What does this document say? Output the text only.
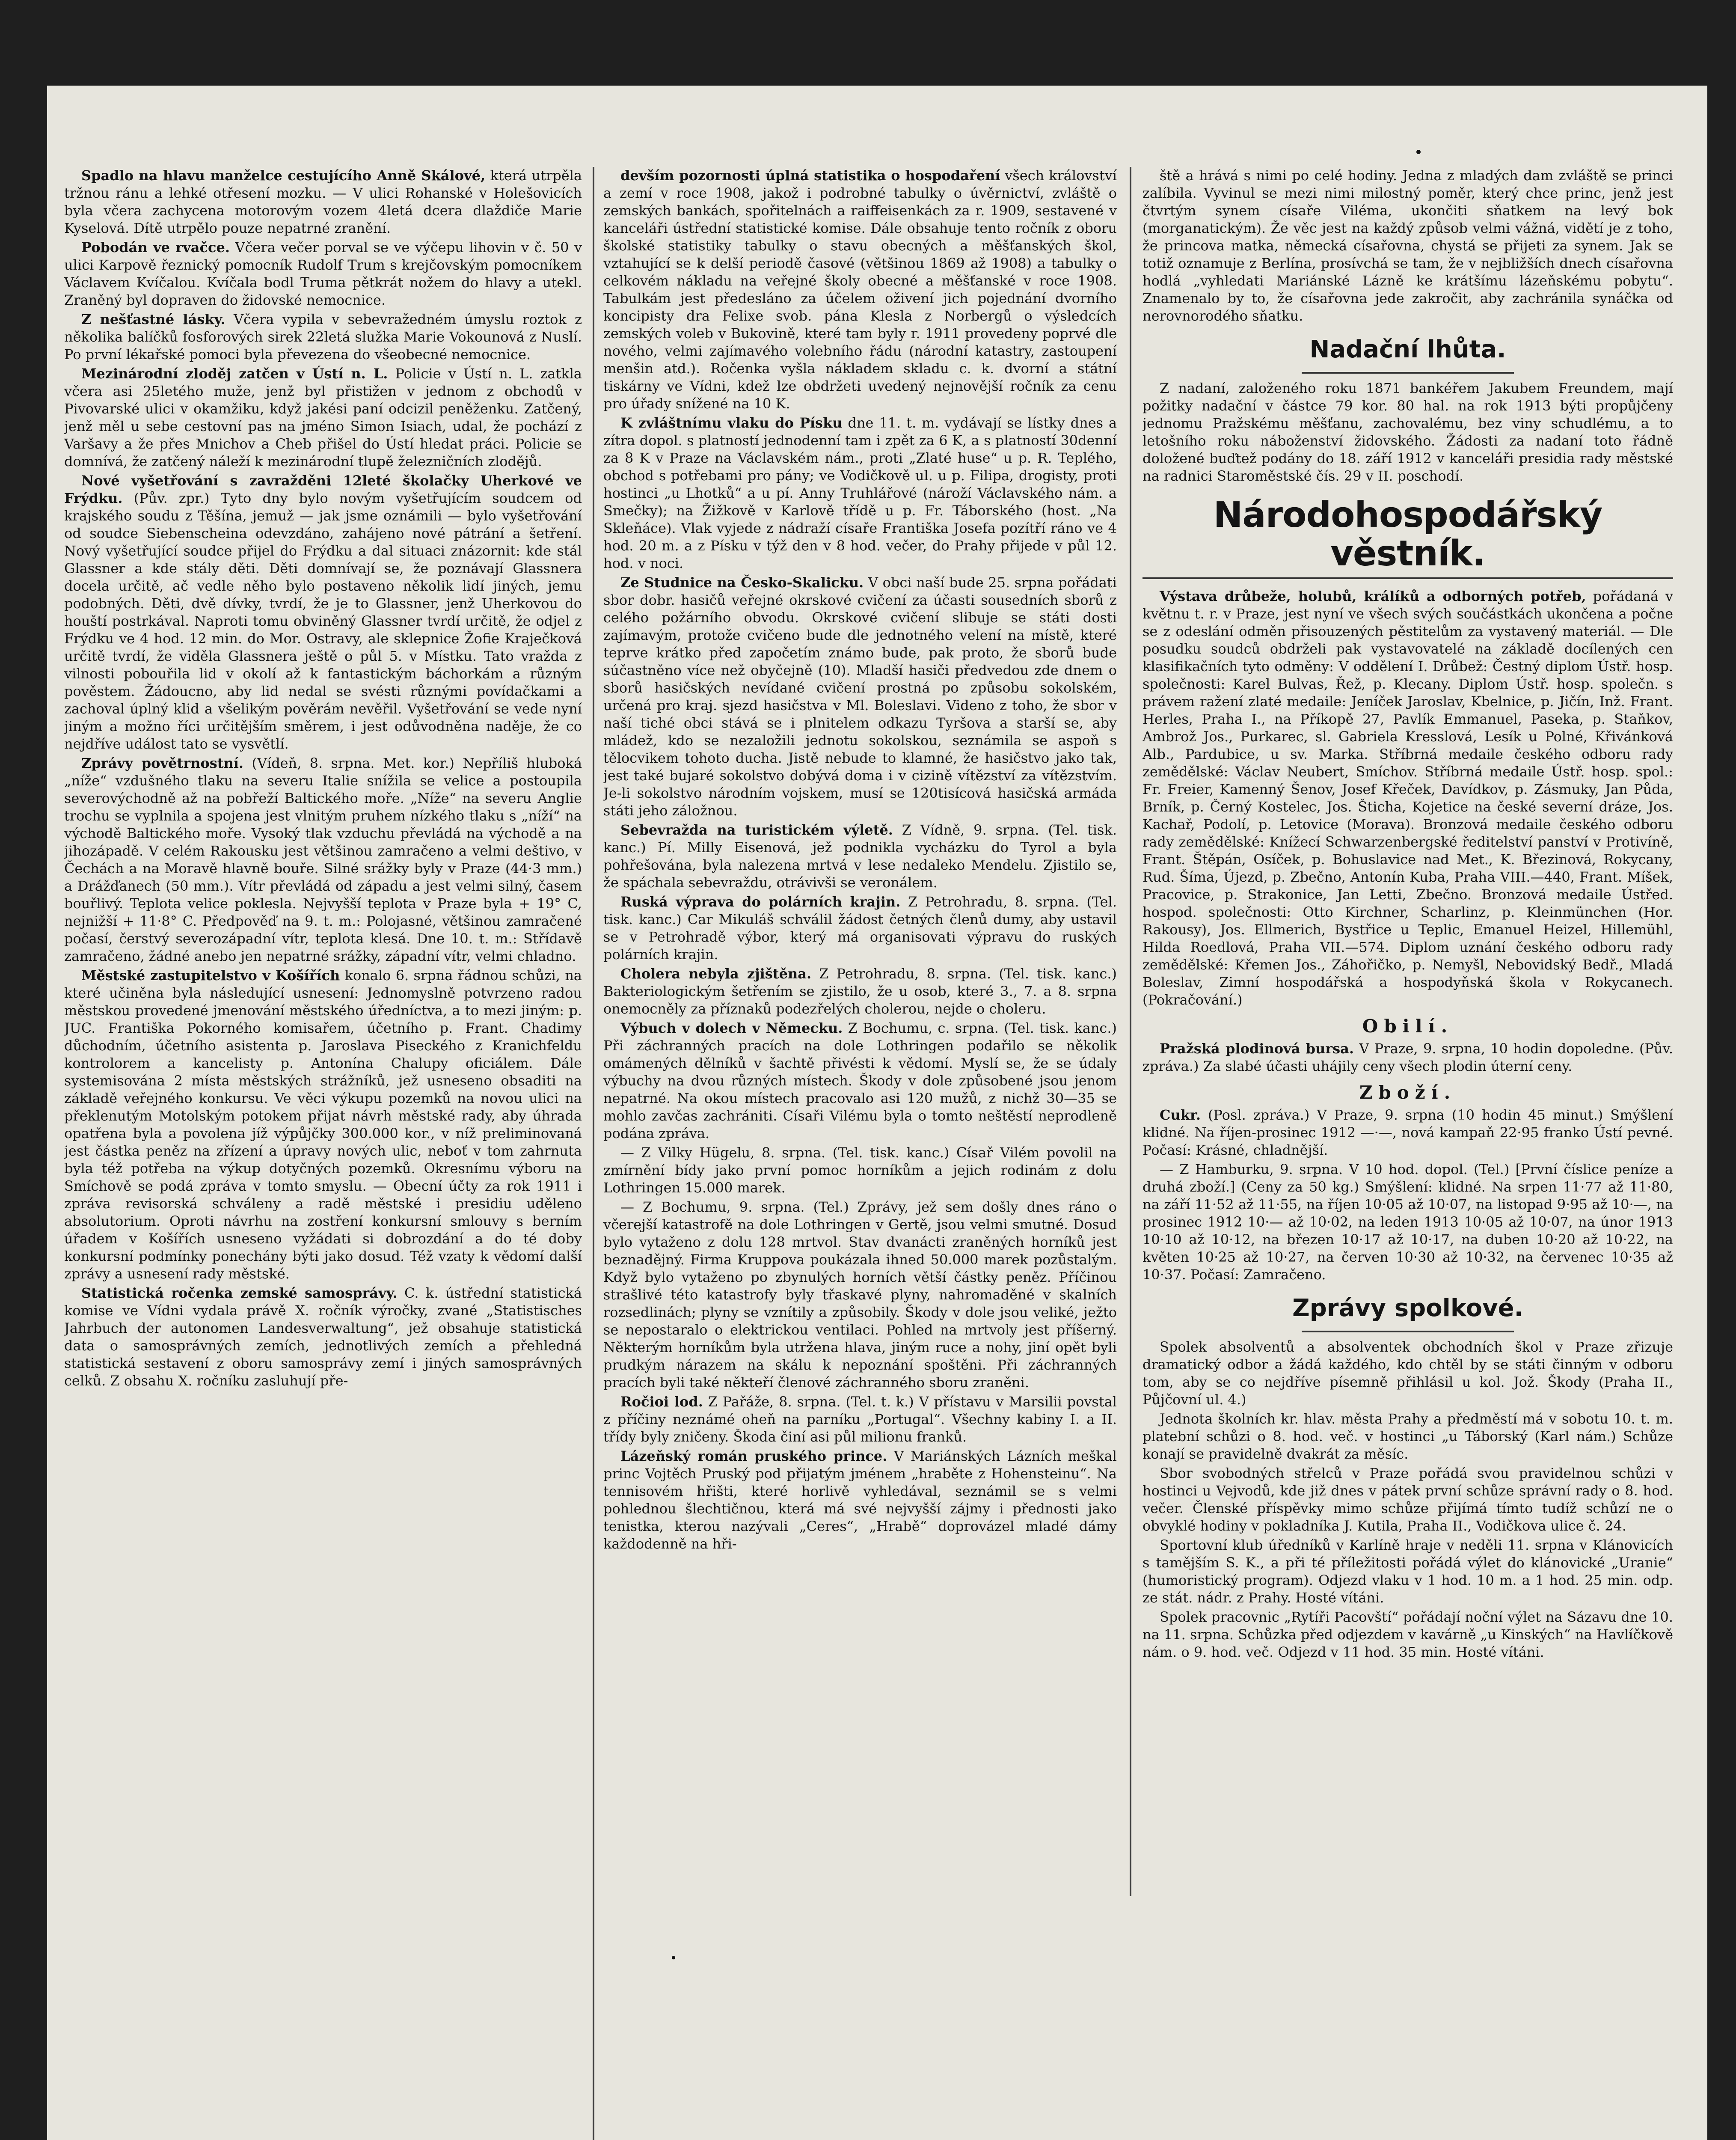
Spadlo na hlavu manželce cestujícího Anně Skálové, která utrpěla tržnou ránu a lehké otřesení mozku. — V ulici Rohanské v Holešovicích byla včera zachycena motorovým vozem 4letá dcera dlaždiče Marie Kyselová. Dítě utrpělo pouze nepatrné zranění.

Pobodán ve rvačce. Včera večer porval se ve výčepu lihovin v č. 50 v ulici Karpově řeznický pomocník Rudolf Trum s krejčovským pomocníkem Václavem Kvíčalou. Kvíčala bodl Truma pětkrát nožem do hlavy a utekl. Zraněný byl dopraven do židovské nemocnice.

Z nešťastné lásky. Včera vypila v sebevražedném úmyslu roztok z několika balíčků fosforových sirek 22letá služka Marie Vokounová z Nuslí. Po první lékařské pomoci byla převezena do všeobecné nemocnice.

Mezinárodní zloděj zatčen v Ústí n. L. Policie v Ústí n. L. zatkla včera asi 25letého muže, jenž byl přistižen v jednom z obchodů v Pivovarské ulici v okamžiku, když jakési paní odcizil peněženku. Zatčený, jenž měl u sebe cestovní pas na jméno Simon Isiach, udal, že pochází z Varšavy a že přes Mnichov a Cheb přišel do Ústí hledat práci. Policie se domnívá, že zatčený náleží k mezinárodní tlupě železničních zlodějů.

Nové vyšetřování s zavražděni 12leté školačky Uherkové ve Frýdku. (Pův. zpr.) Tyto dny bylo novým vyšetřujícím soudcem od krajského soudu z Těšína, jemuž — jak jsme oznámili — bylo vyšetřování od soudce Siebenscheina odevzdáno, zahájeno nové pátrání a šetření. Nový vyšetřující soudce přijel do Frýdku a dal situaci znázornit: kde stál Glassner a kde stály děti. Děti domnívají se, že poznávají Glassnera docela určitě, ač vedle něho bylo postaveno několik lidí jiných, jemu podobných. Děti, dvě dívky, tvrdí, že je to Glassner, jenž Uherkovou do houští postrkával. Naproti tomu obviněný Glassner tvrdí určitě, že odjel z Frýdku ve 4 hod. 12 min. do Mor. Ostravy, ale sklepnice Žofie Kraječková určitě tvrdí, že viděla Glassnera ještě o půl 5. v Místku. Tato vražda z vilnosti pobouřila lid v okolí až k fantastickým báchorkám a různým pověstem. Žádoucno, aby lid nedal se svésti různými povídačkami a zachoval úplný klid a všelikým pověrám nevěřil. Vyšetřování se vede nyní jiným a možno říci určitějším směrem, i jest odůvodněna naděje, že co nejdříve událost tato se vysvětlí.

Zprávy povětrnostní. (Vídeň, 8. srpna. Met. kor.) Nepříliš hluboká „níže“ vzdušného tlaku na severu Italie snížila se velice a postoupila severovýchodně až na pobřeží Baltického moře. „Níže“ na severu Anglie trochu se vyplnila a spojena jest vlnitým pruhem nízkého tlaku s „níží“ na východě Baltického moře. Vysoký tlak vzduchu převládá na východě a na jihozápadě. V celém Rakousku jest většinou zamračeno a velmi deštivo, v Čechách a na Moravě hlavně bouře. Silné srážky byly v Praze (44·3 mm.) a Drážďanech (50 mm.). Vítr převládá od západu a jest velmi silný, časem bouřlivý. Teplota velice poklesla. Nejvyšší teplota v Praze byla + 19° C, nejnižší + 11·8° C. Předpověď na 9. t. m.: Polojasné, většinou zamračené počasí, čerstvý severozápadní vítr, teplota klesá. Dne 10. t. m.: Střídavě zamračeno, žádné anebo jen nepatrné srážky, západní vítr, velmi chladno.

Městské zastupitelstvo v Košířích konalo 6. srpna řádnou schůzi, na které učiněna byla následující usnesení: Jednomyslně potvrzeno radou městskou provedené jmenování městského úředníctva, a to mezi jiným: p. JUC. Františka Pokorného komisařem, účetního p. Frant. Chadimy důchodním, účetního asistenta p. Jaroslava Piseckého z Kranichfeldu kontrolorem a kancelisty p. Antonína Chalupy oficiálem. Dále systemisována 2 místa městských strážníků, jež usneseno obsaditi na základě veřejného konkursu. Ve věci výkupu pozemků na novou ulici na překlenutým Motolským potokem přijat návrh městské rady, aby úhrada opatřena byla a povolena jíž výpůjčky 300.000 kor., v níž preliminovaná jest částka peněz na zřízení a úpravy nových ulic, neboť v tom zahrnuta byla též potřeba na výkup dotyčných pozemků. Okresnímu výboru na Smíchově se podá zpráva v tomto smyslu. — Obecní účty za rok 1911 i zpráva revisorská schváleny a radě městské i presidiu uděleno absolutorium. Oproti návrhu na zostření konkursní smlouvy s berním úřadem v Košířích usneseno vyžádati si dobrozdání a do té doby konkursní podmínky ponechány býti jako dosud. Též vzaty k vědomí další zprávy a usnesení rady městské.

Statistická ročenka zemské samosprávy. C. k. ústřední statistická komise ve Vídni vydala právě X. ročník výročky, zvané „Statistisches Jahrbuch der autonomen Landesverwaltung“, jež obsahuje statistická data o samosprávných zemích, jednotlivých zemích a přehledná statistická sestavení z oboru samosprávy zemí i jiných samosprávných celků. Z obsahu X. ročníku zasluhují pře-

devším pozornosti úplná statistika o hospodaření všech království a zemí v roce 1908, jakož i podrobné tabulky o úvěrnictví, zvláště o zemských bankách, spořitelnách a raiffeisenkách za r. 1909, sestavené v kanceláři ústřední statistické komise. Dále obsahuje tento ročník z oboru školské statistiky tabulky o stavu obecných a měšťanských škol, vztahující se k delší periodě časové (většinou 1869 až 1908) a tabulky o celkovém nákladu na veřejné školy obecné a měšťanské v roce 1908. Tabulkám jest předesláno za účelem oživení jich pojednání dvorního koncipisty dra Felixe svob. pána Klesla z Norbergů o výsledcích zemských voleb v Bukovině, které tam byly r. 1911 provedeny poprvé dle nového, velmi zajímavého volebního řádu (národní katastry, zastoupení menšin atd.). Ročenka vyšla nákladem skladu c. k. dvorní a státní tiskárny ve Vídni, kdež lze obdržeti uvedený nejnovější ročník za cenu pro úřady snížené na 10 K.

K zvláštnímu vlaku do Písku dne 11. t. m. vydávají se lístky dnes a zítra dopol. s platností jednodenní tam i zpět za 6 K, a s platností 30denní za 8 K v Praze na Václavském nám., proti „Zlaté huse“ u p. R. Teplého, obchod s potřebami pro pány; ve Vodičkově ul. u p. Filipa, drogisty, proti hostinci „u Lhotků“ a u pí. Anny Truhlářové (nároží Václavského nám. a Smečky); na Žižkově v Karlově třídě u p. Fr. Táborského (host. „Na Skleňáce). Vlak vyjede z nádraží císaře Františka Josefa pozítří ráno ve 4 hod. 20 m. a z Písku v týž den v 8 hod. večer, do Prahy přijede v půl 12. hod. v noci.

Ze Studnice na Česko-Skalicku. V obci naší bude 25. srpna pořádati sbor dobr. hasičů veřejné okrskové cvičení za účasti sousedních sborů z celého požárního obvodu. Okrskové cvičení slibuje se státi dosti zajímavým, protože cvičeno bude dle jednotného velení na místě, které teprve krátko před započetím známo bude, pak proto, že sborů bude súčastněno více než obyčejně (10). Mladší hasiči předvedou zde dnem o sborů hasičských nevídané cvičení prostná po způsobu sokolském, určená pro kraj. sjezd hasičstva v Ml. Boleslavi. Videno z toho, že sbor v naší tiché obci stává se i plnitelem odkazu Tyršova a starší se, aby mládež, kdo se nezaložili jednotu sokolskou, seznámila se aspoň s tělocvikem tohoto ducha. Jistě nebude to klamné, že hasičstvo jako tak, jest také bujaré sokolstvo dobývá doma i v cizině vítězství za vítězstvím. Je-li sokolstvo národním vojskem, musí se 120tisícová hasičská armáda státi jeho záložnou.

Sebevražda na turistickém výletě. Z Vídně, 9. srpna. (Tel. tisk. kanc.) Pí. Milly Eisenová, jež podnikla vycházku do Tyrol a byla pohřešována, byla nalezena mrtvá v lese nedaleko Mendelu. Zjistilo se, že spáchala sebevraždu, otrávivši se veronálem.

Ruská výprava do polárních krajin. Z Petrohradu, 8. srpna. (Tel. tisk. kanc.) Car Mikuláš schválil žádost četných členů dumy, aby ustavil se v Petrohradě výbor, který má organisovati výpravu do ruských polárních krajin.

Cholera nebyla zjištěna. Z Petrohradu, 8. srpna. (Tel. tisk. kanc.) Bakteriologickým šetřením se zjistilo, že u osob, které 3., 7. a 8. srpna onemocněly za příznaků podezřelých cholerou, nejde o choleru.

Výbuch v dolech v Německu. Z Bochumu, c. srpna. (Tel. tisk. kanc.) Při záchranných pracích na dole Lothringen podařilo se několik omámených dělníků v šachtě přivésti k vědomí. Myslí se, že se údaly výbuchy na dvou různých místech. Škody v dole způsobené jsou jenom nepatrné. Na okou místech pracovalo asi 120 mužů, z nichž 30—35 se mohlo zavčas zachrániti. Císaři Vilému byla o tomto neštěstí neprodleně podána zpráva.

— Z Vilky Hügelu, 8. srpna. (Tel. tisk. kanc.) Císař Vilém povolil na zmírnění bídy jako první pomoc horníkům a jejich rodinám z dolu Lothringen 15.000 marek.

— Z Bochumu, 9. srpna. (Tel.) Zprávy, jež sem došly dnes ráno o včerejší katastrofě na dole Lothringen v Gertě, jsou velmi smutné. Dosud bylo vytaženo z dolu 128 mrtvol. Stav dvanácti zraněných horníků jest beznadějný. Firma Kruppova poukázala ihned 50.000 marek pozůstalým. Když bylo vytaženo po zbynulých horních větší částky peněz. Příčinou strašlivé této katastrofy byly třaskavé plyny, nahromaděné v skalních rozsedlinách; plyny se vznítily a způsobily. Škody v dole jsou veliké, ježto se nepostaralo o elektrickou ventilaci. Pohled na mrtvoly jest příšerný. Některým horníkům byla utržena hlava, jiným ruce a nohy, jiní opět byli prudkým nárazem na skálu k nepoznání spoštěni. Při záchranných pracích byli také někteří členové záchranného sboru zraněni.

Ročioi lod. Z Pařáže, 8. srpna. (Tel. t. k.) V přístavu v Marsilii povstal z příčiny neznámé oheň na parníku „Portugal“. Všechny kabiny I. a II. třídy byly zničeny. Škoda činí asi půl milionu franků.

Lázeňský román pruského prince. V Mariánských Lázních meškal princ Vojtěch Pruský pod přijatým jménem „hraběte z Hohensteinu“. Na tennisovém hřišti, které horlivě vyhledával, seznámil se s velmi pohlednou šlechtičnou, která má své nejvyšší zájmy i přednosti jako tenistka, kterou nazývali „Ceres“, „Hrabě“ doprovázel mladé dámy každodenně na hři-

ště a hrává s nimi po celé hodiny. Jedna z mladých dam zvláště se princi zalíbila. Vyvinul se mezi nimi milostný poměr, který chce princ, jenž jest čtvrtým synem císaře Viléma, ukončiti sňatkem na levý bok (morganatickým). Že věc jest na každý způsob velmi vážná, vidětí je z toho, že princova matka, německá císařovna, chystá se přijeti za synem. Jak se totiž oznamuje z Berlína, prosívchá se tam, že v nejbližších dnech císařovna hodlá „vyhledati Mariánské Lázně ke krátšímu lázeňskému pobytu“. Znamenalo by to, že císařovna jede zakročit, aby zachránila synáčka od nerovnorodého sňatku.

Nadační lhůta.

Z nadaní, založeného roku 1871 bankéřem Jakubem Freundem, mají požitky nadační v částce 79 kor. 80 hal. na rok 1913 býti propůjčeny jednomu Pražskému měšťanu, zachovalému, bez viny schudlému, a to letošního roku náboženství židovského. Žádosti za nadaní toto řádně doložené buďtež podány do 18. září 1912 v kanceláři presidia rady městské na radnici Staroměstské čís. 29 v II. poschodí.

Národohospodářský věstník.

Výstava drůbeže, holubů, králíků a odborných potřeb, pořádaná v květnu t. r. v Praze, jest nyní ve všech svých součástkách ukončena a počne se z odeslání odměn přisouzených pěstitelům za vystavený materiál. — Dle posudku soudců obdrželi pak vystavovatelé na základě docílených cen klasifikačních tyto odměny: V oddělení I. Drůbež: Čestný diplom Ústř. hosp. společnosti: Karel Bulvas, Řež, p. Klecany. Diplom Ústř. hosp. společn. s právem ražení zlaté medaile: Jeníček Jaroslav, Kbelnice, p. Jičín, Inž. Frant. Herles, Praha I., na Příkopě 27, Pavlík Emmanuel, Paseka, p. Staňkov, Ambrož Jos., Purkarec, sl. Gabriela Kresslová, Lesík u Polné, Křivánková Alb., Pardubice, u sv. Marka. Stříbrná medaile českého odboru rady zemědělské: Václav Neubert, Smíchov. Stříbrná medaile Ústř. hosp. spol.: Fr. Freier, Kamenný Šenov, Josef Křeček, Davídkov, p. Zásmuky, Jan Půda, Brník, p. Černý Kostelec, Jos. Šticha, Kojetice na české severní dráze, Jos. Kachař, Podolí, p. Letovice (Morava). Bronzová medaile českého odboru rady zemědělské: Knížecí Schwarzenbergské ředitelství panství v Protivíně, Frant. Štěpán, Osíček, p. Bohuslavice nad Met., K. Březinová, Rokycany, Rud. Šíma, Újezd, p. Zbečno, Antonín Kuba, Praha VIII.—440, Frant. Míšek, Pracovice, p. Strakonice, Jan Letti, Zbečno. Bronzová medaile Ústřed. hospod. společnosti: Otto Kirchner, Scharlinz, p. Kleinmünchen (Hor. Rakousy), Jos. Ellmerich, Bystřice u Teplic, Emanuel Heizel, Hillemühl, Hilda Roedlová, Praha VII.—574. Diplom uznání českého odboru rady zemědělské: Křemen Jos., Záhořičko, p. Nemyšl, Nebovidský Bedř., Mladá Boleslav, Zimní hospodářská a hospodyňská škola v Rokycanech. (Pokračování.)

Obilí.

Pražská plodinová bursa. V Praze, 9. srpna, 10 hodin dopoledne. (Pův. zpráva.) Za slabé účasti uhájily ceny všech plodin úterní ceny.

Zboží.

Cukr. (Posl. zpráva.) V Praze, 9. srpna (10 hodin 45 minut.) Smýšlení klidné. Na říjen-prosinec 1912 —·—, nová kampaň 22·95 franko Ústí pevné. Počasí: Krásné, chladnější.

— Z Hamburku, 9. srpna. V 10 hod. dopol. (Tel.) [První číslice peníze a druhá zboží.] (Ceny za 50 kg.) Smýšlení: klidné. Na srpen 11·77 až 11·80, na září 11·52 až 11·55, na říjen 10·05 až 10·07, na listopad 9·95 až 10·—, na prosinec 1912 10·— až 10·02, na leden 1913 10·05 až 10·07, na únor 1913 10·10 až 10·12, na březen 10·17 až 10·17, na duben 10·20 až 10·22, na květen 10·25 až 10·27, na červen 10·30 až 10·32, na červenec 10·35 až 10·37. Počasí: Zamračeno.

Zprávy spolkové.

Spolek absolventů a absolventek obchodních škol v Praze zřizuje dramatický odbor a žádá každého, kdo chtěl by se státi činným v odboru tom, aby se co nejdříve písemně přihlásil u kol. Jož. Škody (Praha II., Půjčovní ul. 4.)

Jednota školních kr. hlav. města Prahy a předměstí má v sobotu 10. t. m. platební schůzi o 8. hod. več. v hostinci „u Táborský (Karl nám.) Schůze konají se pravidelně dvakrát za měsíc.

Sbor svobodných střelců v Praze pořádá svou pravidelnou schůzi v hostinci u Vejvodů, kde již dnes v pátek první schůze správní rady o 8. hod. večer. Členské příspěvky mimo schůze přijímá tímto tudíž schůzí ne o obvyklé hodiny v pokladníka J. Kutila, Praha II., Vodičkova ulice č. 24.

Sportovní klub úředníků v Karlíně hraje v neděli 11. srpna v Klánovicích s tamějším S. K., a při té příležitosti pořádá výlet do klánovické „Uranie“ (humoristický program). Odjezd vlaku v 1 hod. 10 m. a 1 hod. 25 min. odp. ze stát. nádr. z Prahy. Hosté vítáni.

Spolek pracovnic „Rytíři Pacovští“ pořádají noční výlet na Sázavu dne 10. na 11. srpna. Schůzka před odjezdem v kavárně „u Kinských“ na Havlíčkově nám. o 9. hod. več. Odjezd v 11 hod. 35 min. Hosté vítáni.
